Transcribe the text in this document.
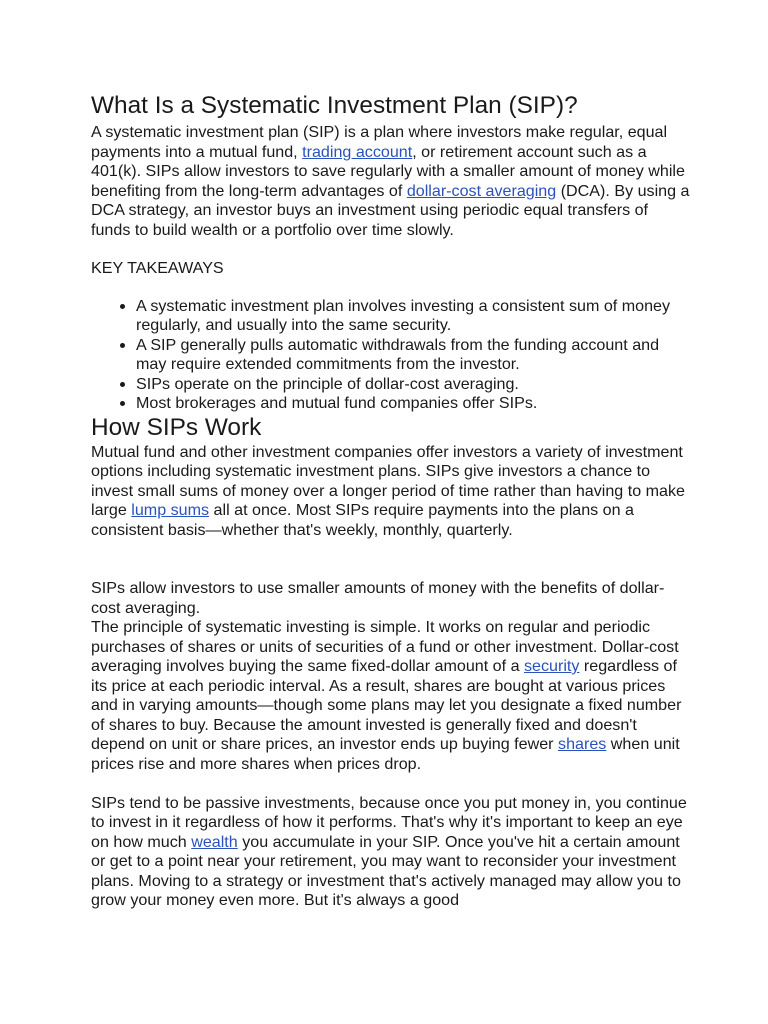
What Is a Systematic Investment Plan (SIP)?

A systematic investment plan (SIP) is a plan where investors make regular, equal payments into a mutual fund, trading account, or retirement account such as a 401(k). SIPs allow investors to save regularly with a smaller amount of money while benefiting from the long-term advantages of dollar-cost averaging (DCA). By using a DCA strategy, an investor buys an investment using periodic equal transfers of funds to build wealth or a portfolio over time slowly.

KEY TAKEAWAYS
• A systematic investment plan involves investing a consistent sum of money regularly, and usually into the same security.
• A SIP generally pulls automatic withdrawals from the funding account and may require extended commitments from the investor.
• SIPs operate on the principle of dollar-cost averaging.
• Most brokerages and mutual fund companies offer SIPs.
How SIPs Work

Mutual fund and other investment companies offer investors a variety of investment options including systematic investment plans. SIPs give investors a chance to invest small sums of money over a longer period of time rather than having to make large lump sums all at once. Most SIPs require payments into the plans on a consistent basis—whether that's weekly, monthly, quarterly.

SIPs allow investors to use smaller amounts of money with the benefits of dollar-cost averaging.

The principle of systematic investing is simple. It works on regular and periodic purchases of shares or units of securities of a fund or other investment. Dollar-cost averaging involves buying the same fixed-dollar amount of a security regardless of its price at each periodic interval. As a result, shares are bought at various prices and in varying amounts—though some plans may let you designate a fixed number of shares to buy. Because the amount invested is generally fixed and doesn't depend on unit or share prices, an investor ends up buying fewer shares when unit prices rise and more shares when prices drop.

SIPs tend to be passive investments, because once you put money in, you continue to invest in it regardless of how it performs. That's why it's important to keep an eye on how much wealth you accumulate in your SIP. Once you've hit a certain amount or get to a point near your retirement, you may want to reconsider your investment plans. Moving to a strategy or investment that's actively managed may allow you to grow your money even more. But it's always a good
